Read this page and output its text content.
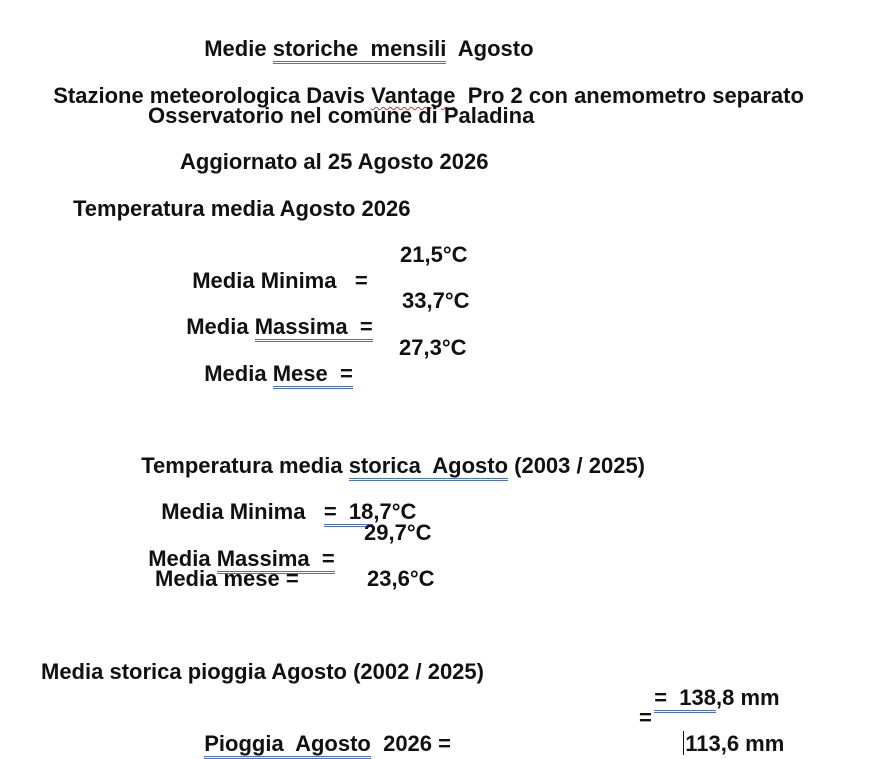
Medie storiche  mensili  Agosto

Stazione meteorologica Davis Vantage  Pro 2 con anemometro separato

Osservatorio nel comune di Paladina
Aggiornato al 25 Agosto 2026
Temperatura media Agosto 2026

Media Minima   =

21,5°C

Media Massima  =

33,7°C

Media Mese  =

27,3°C

Temperatura media storica  Agosto (2003 / 2025)

Media Minima   =  18,7°C

Media Massima  =

29,7°C
Media mese =	23,6°C
Media storica pioggia Agosto (2002 / 2025)

=  138,8 mm

Pioggia  Agosto  2026 =

=

113,6 mm
